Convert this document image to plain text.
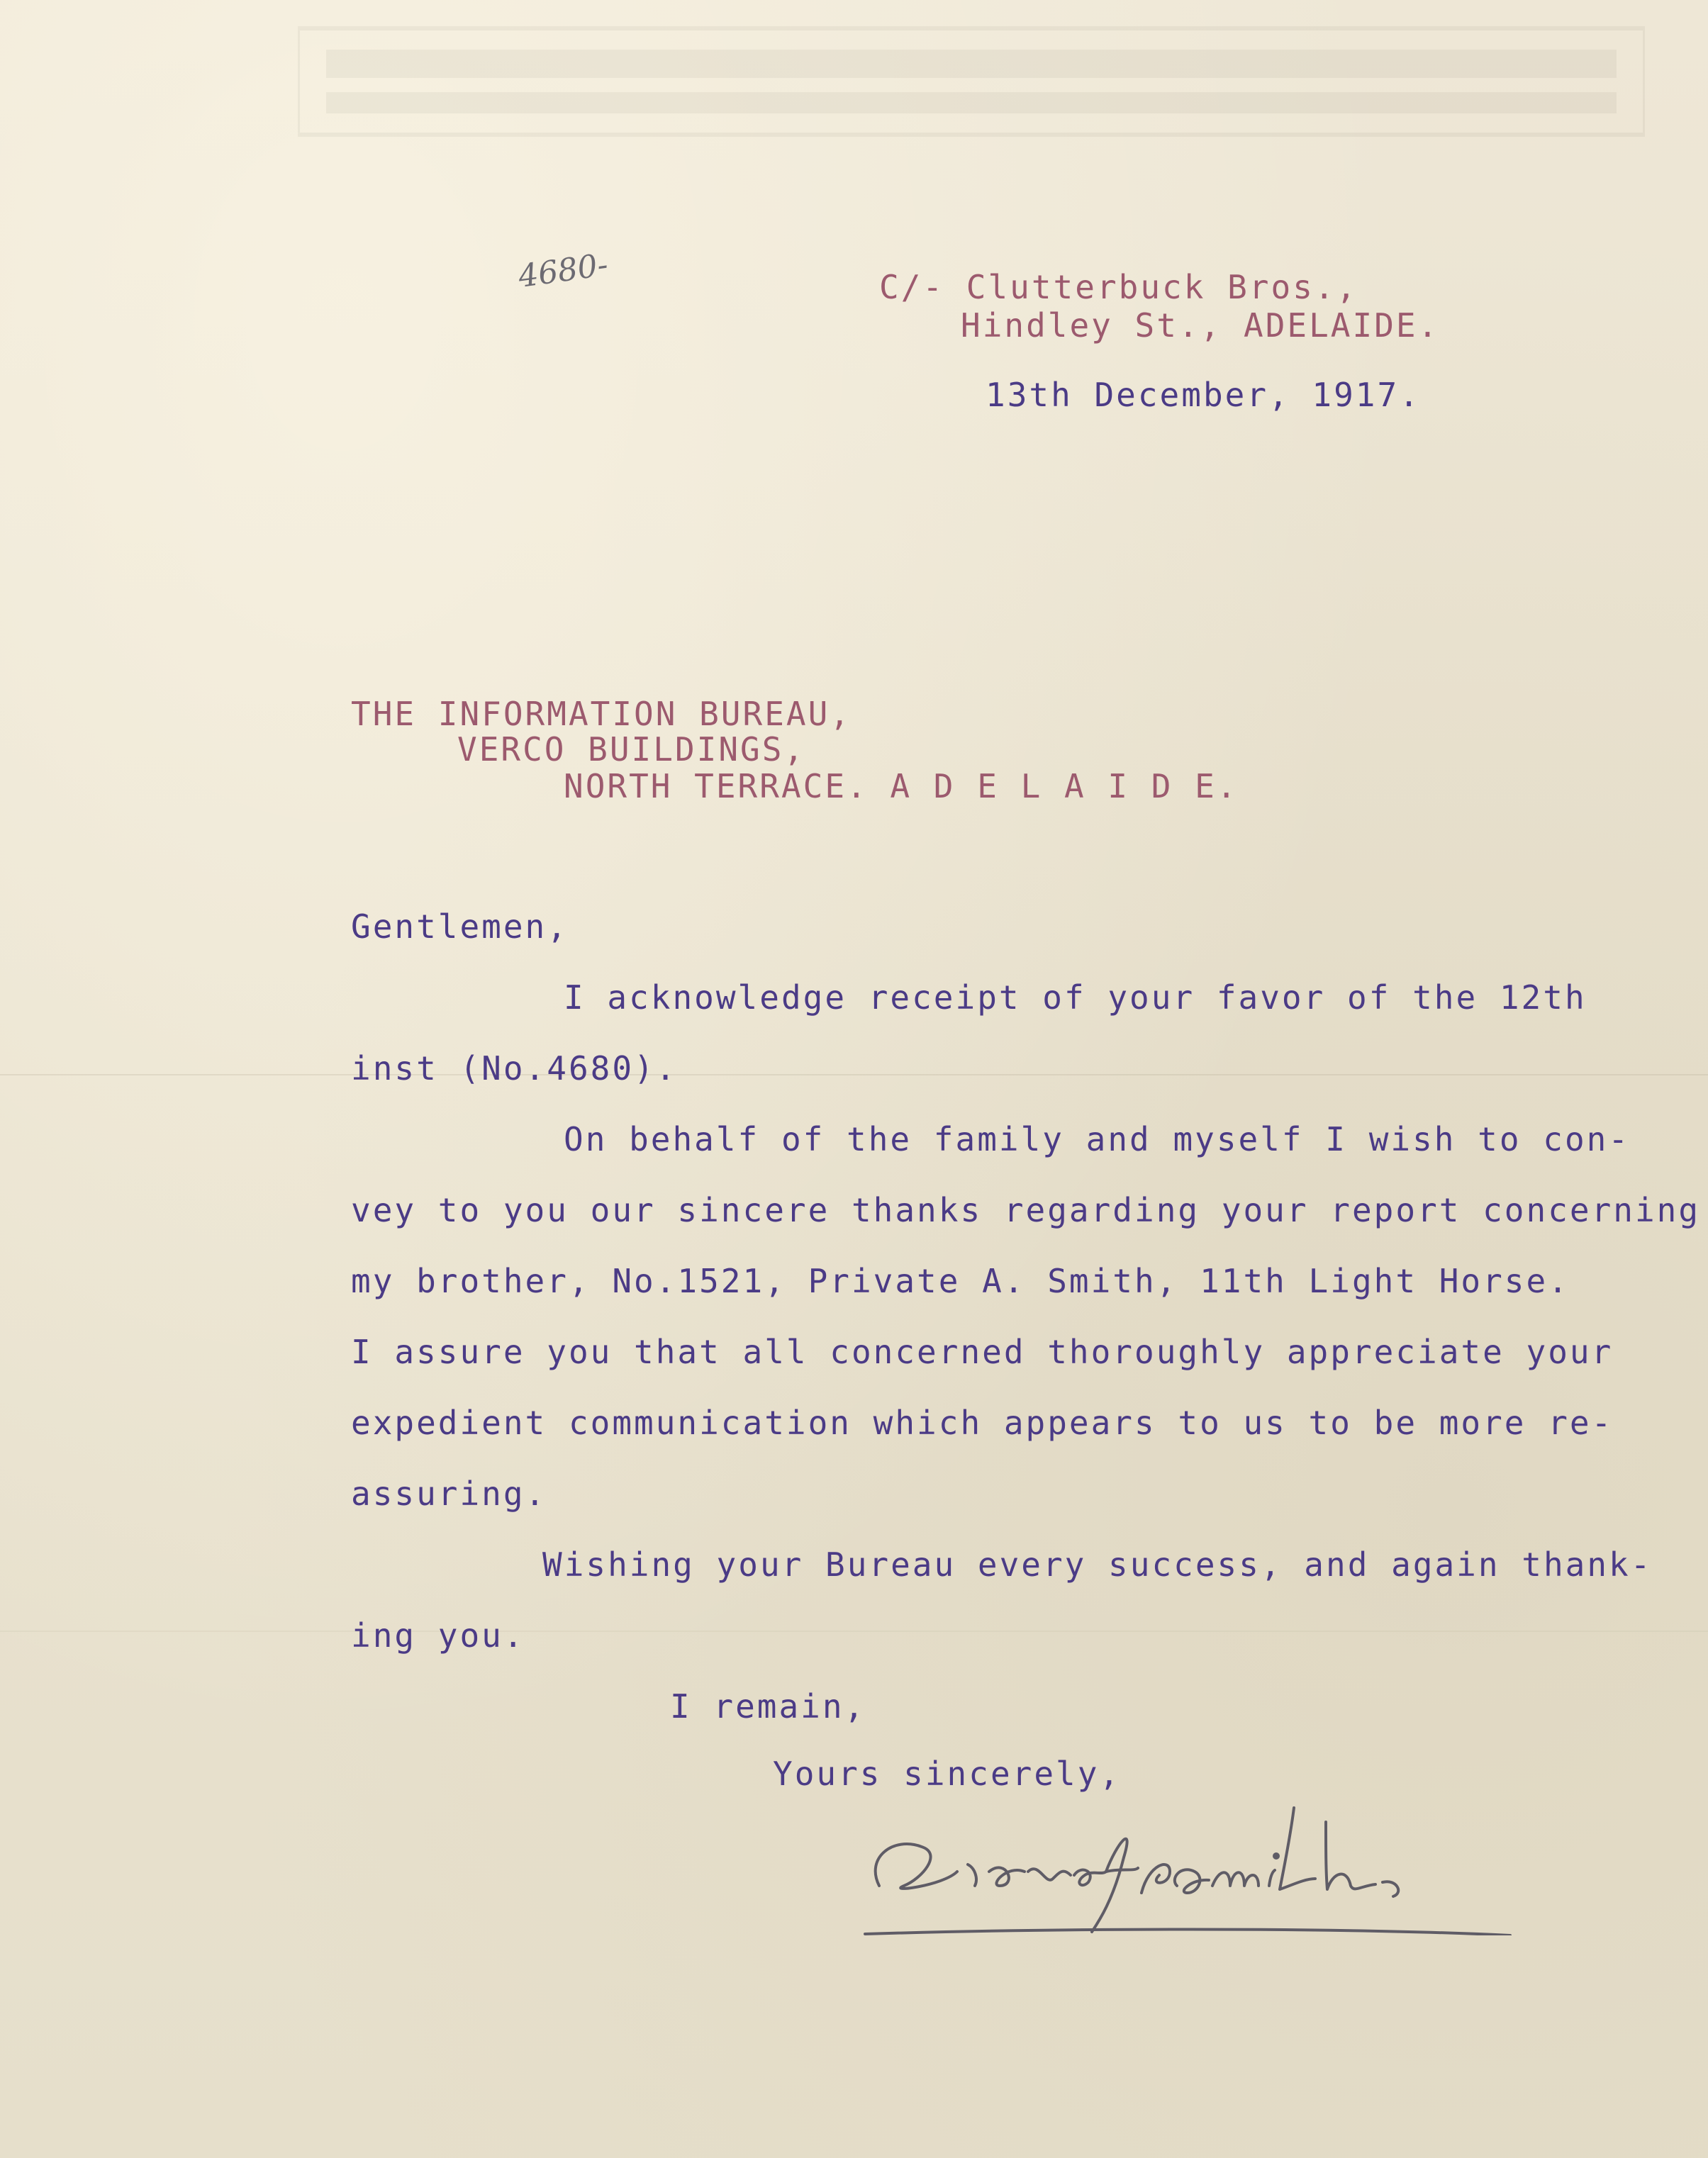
4680-	C/- Clutterbuck Bros.,
Hindley St., ADELAIDE.
13th December, 1917.
THE INFORMATION BUREAU,
VERCO BUILDINGS,
NORTH TERRACE. A D E L A I D E.
Gentlemen,
I acknowledge receipt of your favor of the 12th
inst (No.4680).
On behalf of the family and myself I wish to con-
vey to you our sincere thanks regarding your report concerning
my brother, No.1521, Private A. Smith, 11th Light Horse.
I assure you that all concerned thoroughly appreciate your
expedient communication which appears to us to be more re-
assuring.
Wishing your Bureau every success, and again thank-
ing you.
I remain,
Yours sincerely,
